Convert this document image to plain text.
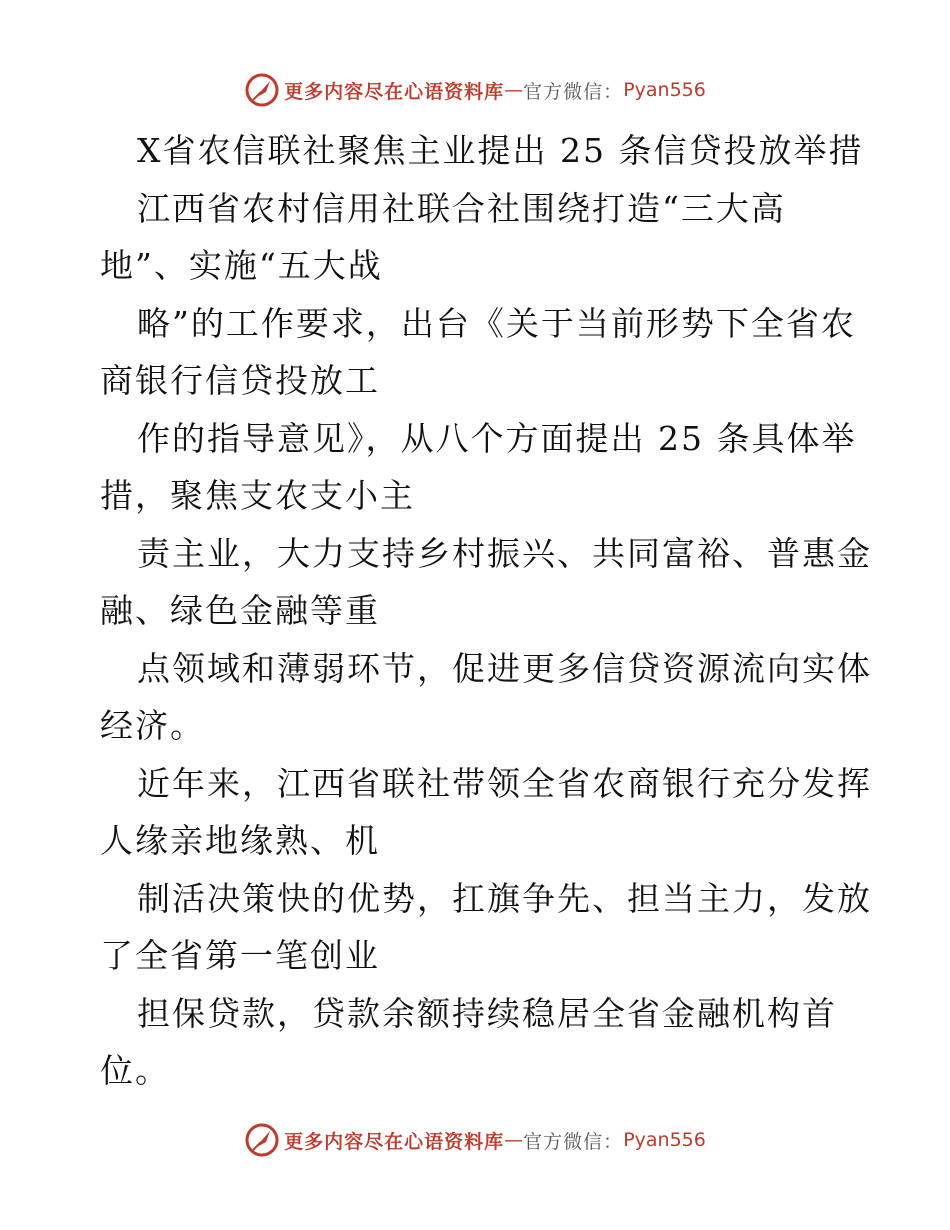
更多内容尽在心语资料库 — 官方微信： Pyan556
X省农信联社聚焦主业提出 25 条信贷投放举措
江西省农村信用社联合社围绕打造“三大高
地”、实施“五大战
略”的工作要求，出台《关于当前形势下全省农
商银行信贷投放工
作的指导意见》，从八个方面提出 25 条具体举
措，聚焦支农支小主
责主业，大力支持乡村振兴、共同富裕、普惠金
融、绿色金融等重
点领域和薄弱环节，促进更多信贷资源流向实体
经济。
近年来，江西省联社带领全省农商银行充分发挥
人缘亲地缘熟、机
制活决策快的优势，扛旗争先、担当主力，发放
了全省第一笔创业
担保贷款，贷款余额持续稳居全省金融机构首
位。
更多内容尽在心语资料库 — 官方微信： Pyan556
